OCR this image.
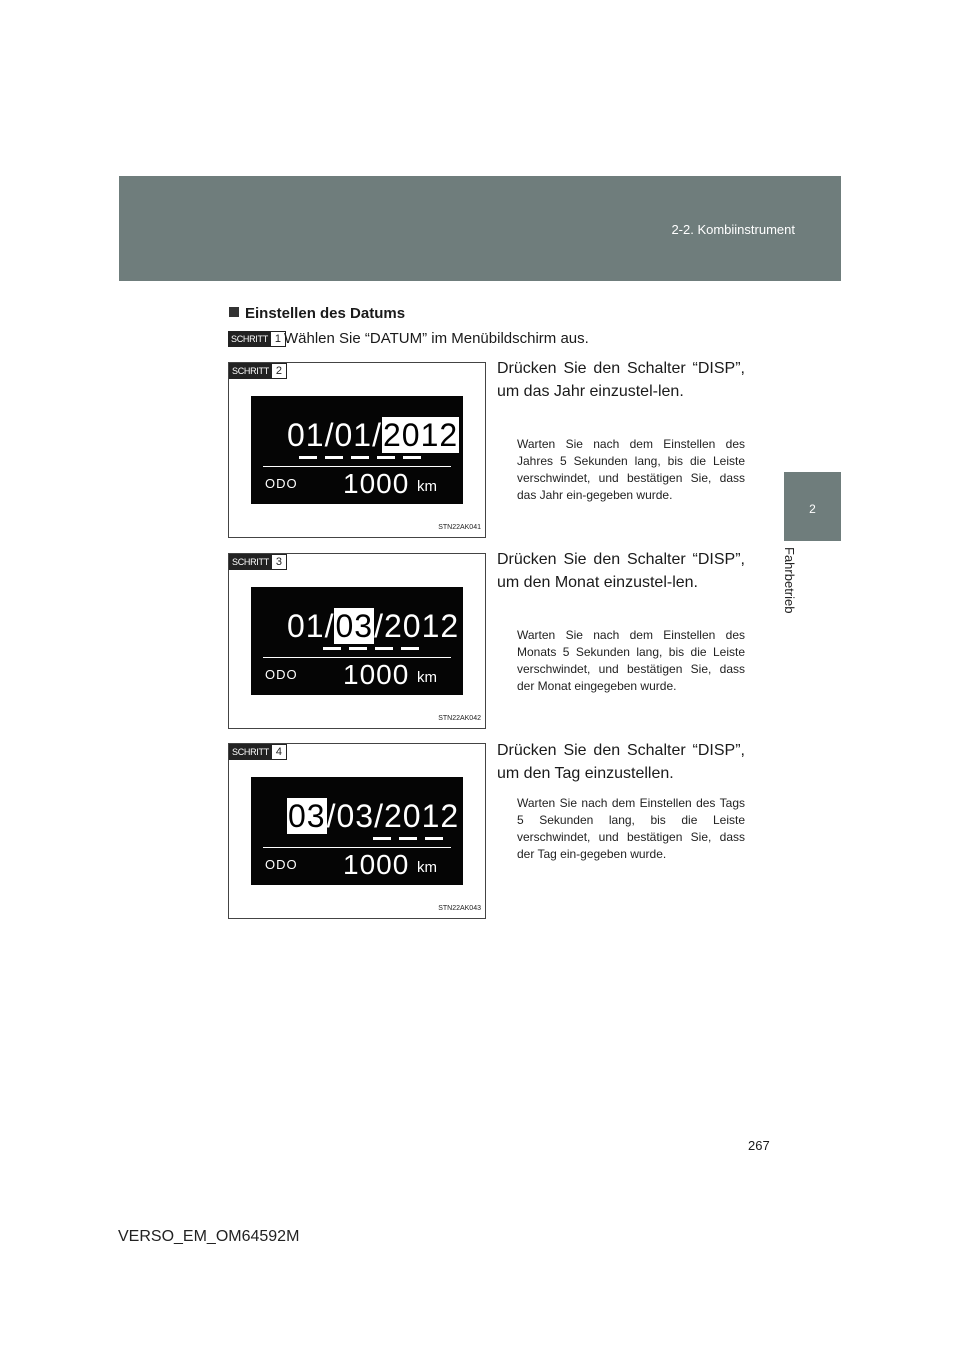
2-2. Kombiinstrument
2
Fahrbetrieb
Einstellen des Datums
SCHRITT 1 Wählen Sie “DATUM” im Menübildschirm aus.
SCHRITT 2
01/01/2012
ODO 1000 km
STN22AK041
Drücken Sie den Schalter “DISP”, um das Jahr einzustel-len.
Warten Sie nach dem Einstellen des Jahres 5 Sekunden lang, bis die Leiste verschwindet, und bestätigen Sie, dass das Jahr ein-gegeben wurde.
SCHRITT 3
01/03/2012
ODO 1000 km
STN22AK042
Drücken Sie den Schalter “DISP”, um den Monat einzustel-len.
Warten Sie nach dem Einstellen des Monats 5 Sekunden lang, bis die Leiste verschwindet, und bestätigen Sie, dass der Monat eingegeben wurde.
SCHRITT 4
03/03/2012
ODO 1000 km
STN22AK043
Drücken Sie den Schalter “DISP”, um den Tag einzustellen.
Warten Sie nach dem Einstellen des Tags 5 Sekunden lang, bis die Leiste verschwindet, und bestätigen Sie, dass der Tag ein-gegeben wurde.
267
VERSO_EM_OM64592M
